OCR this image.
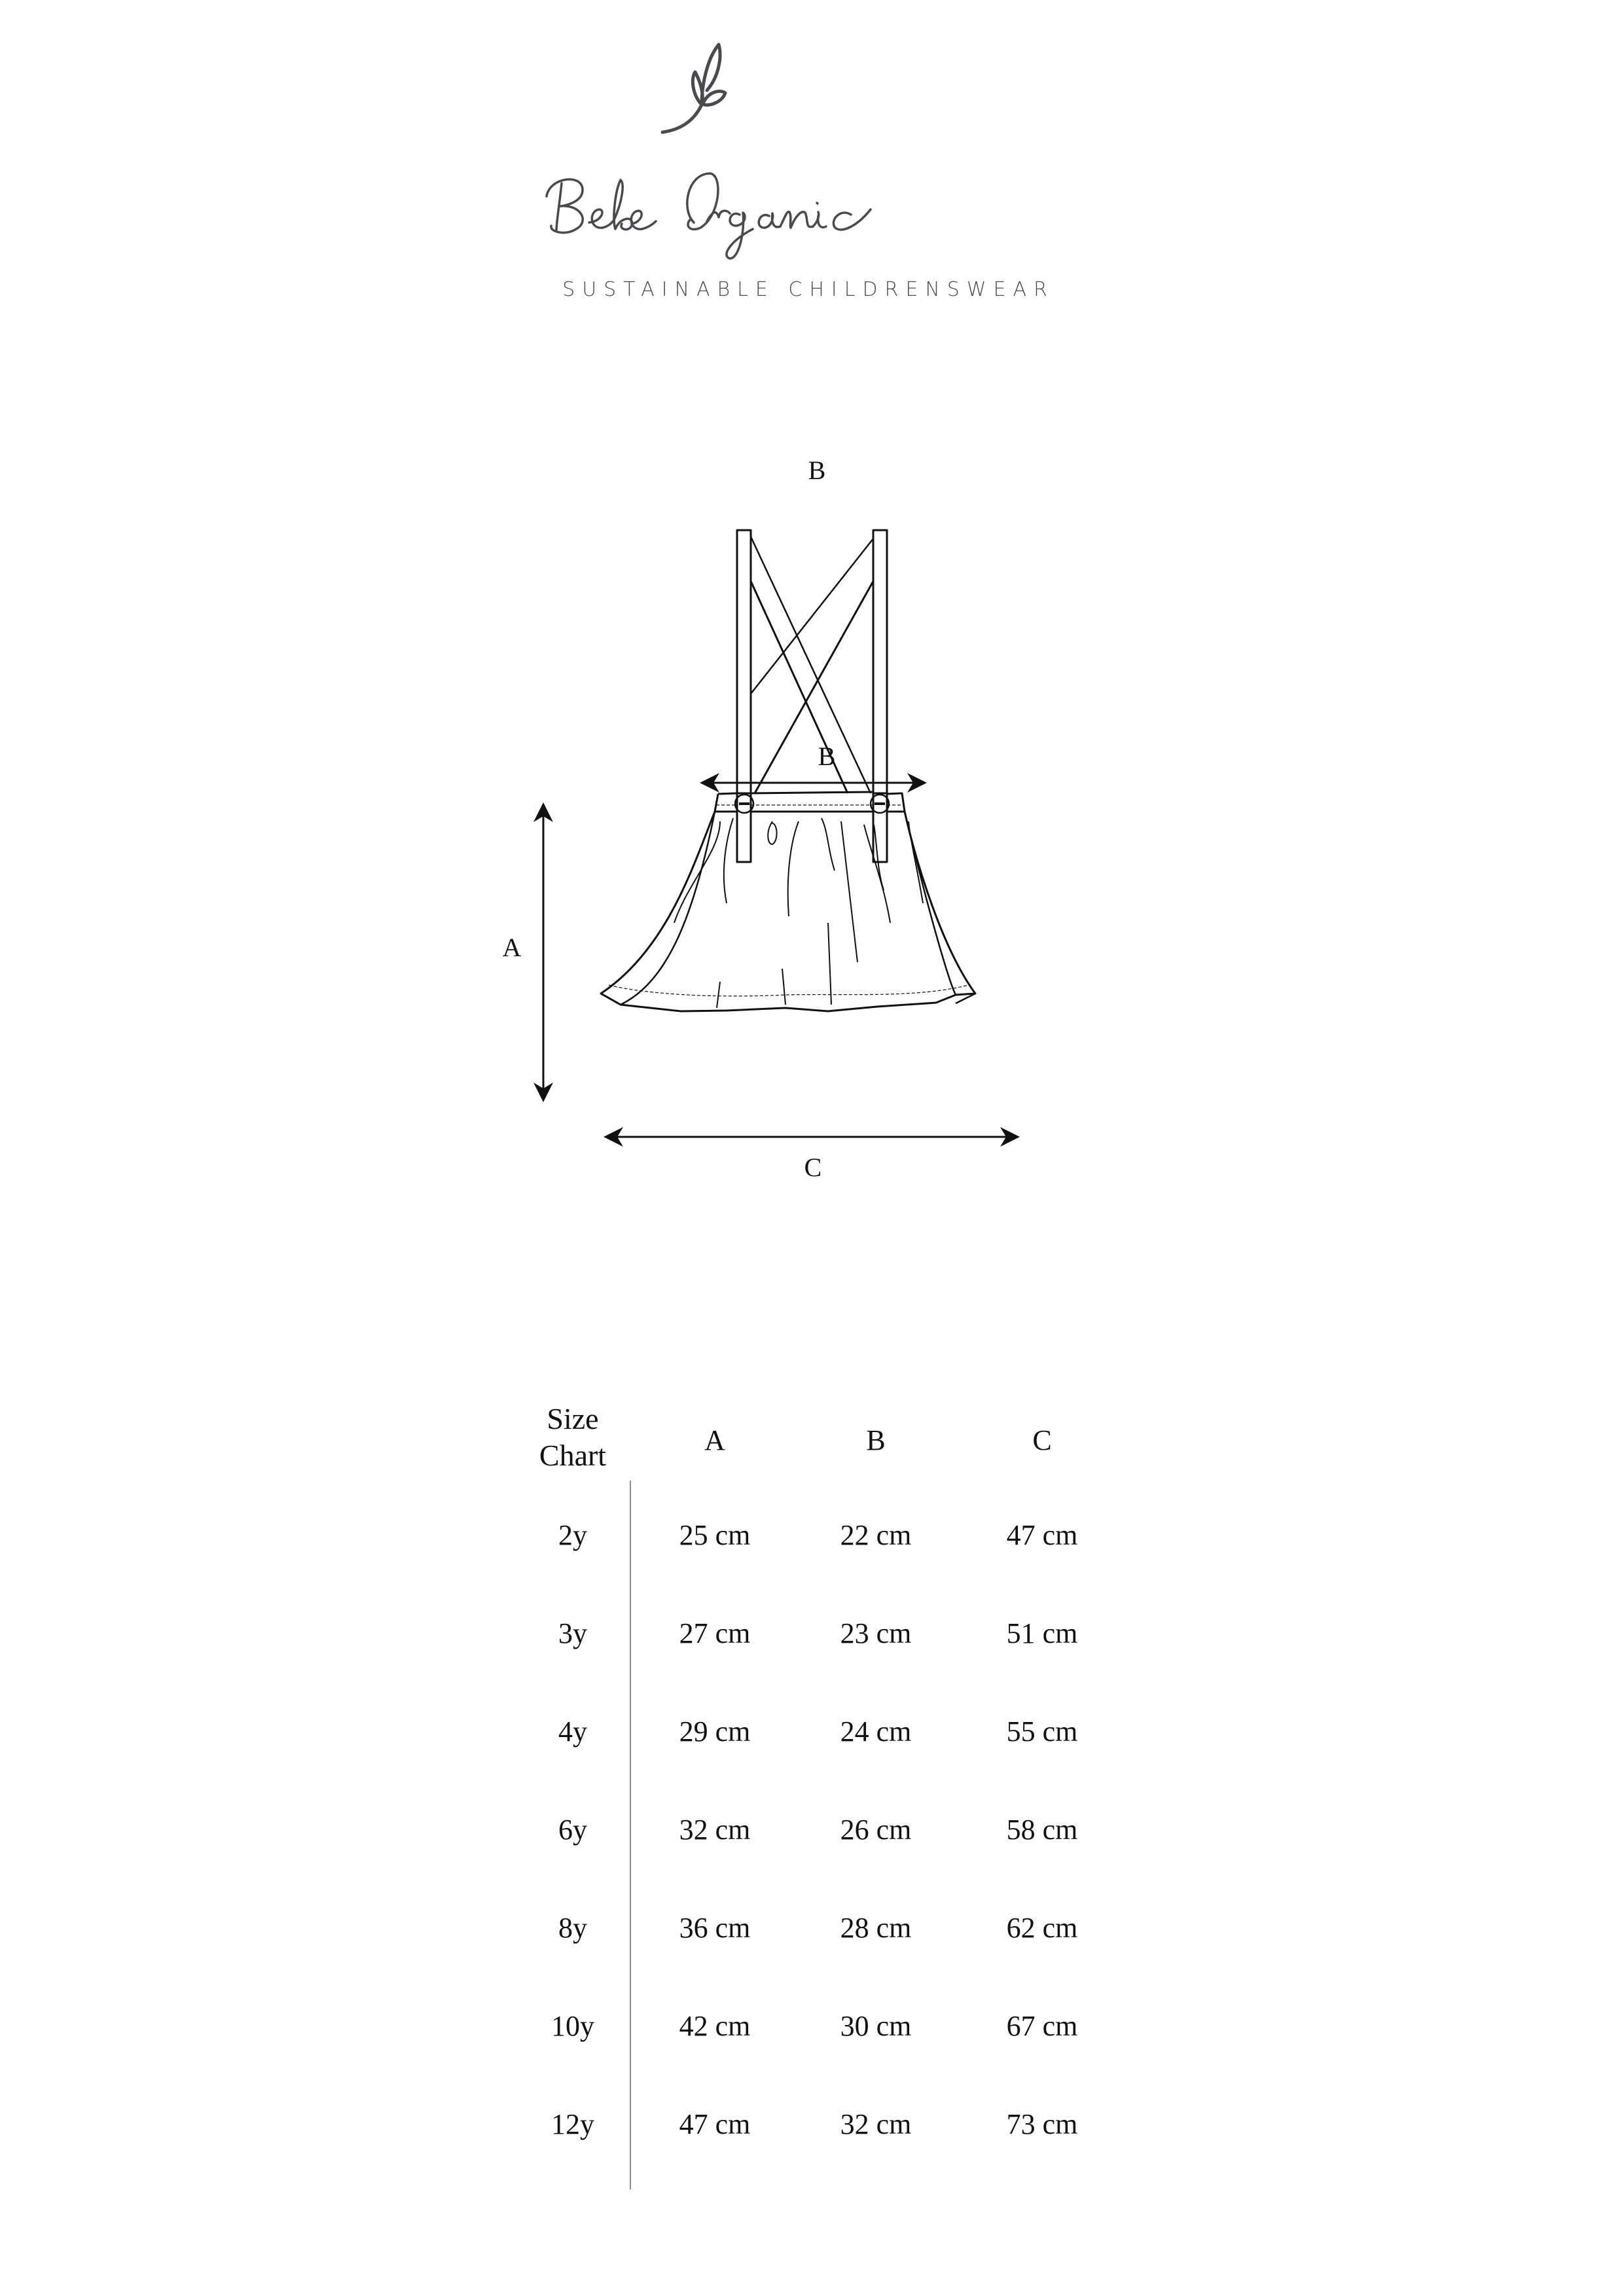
SUSTAINABLE CHILDRENSWEAR
B
B
A
C
Size
Chart	A	B	C
2y	25 cm	22 cm	47 cm
3y	27 cm	23 cm	51 cm
4y	29 cm	24 cm	55 cm
6y	32 cm	26 cm	58 cm
8y	36 cm	28 cm	62 cm
10y	42 cm	30 cm	67 cm
12y	47 cm	32 cm	73 cm
